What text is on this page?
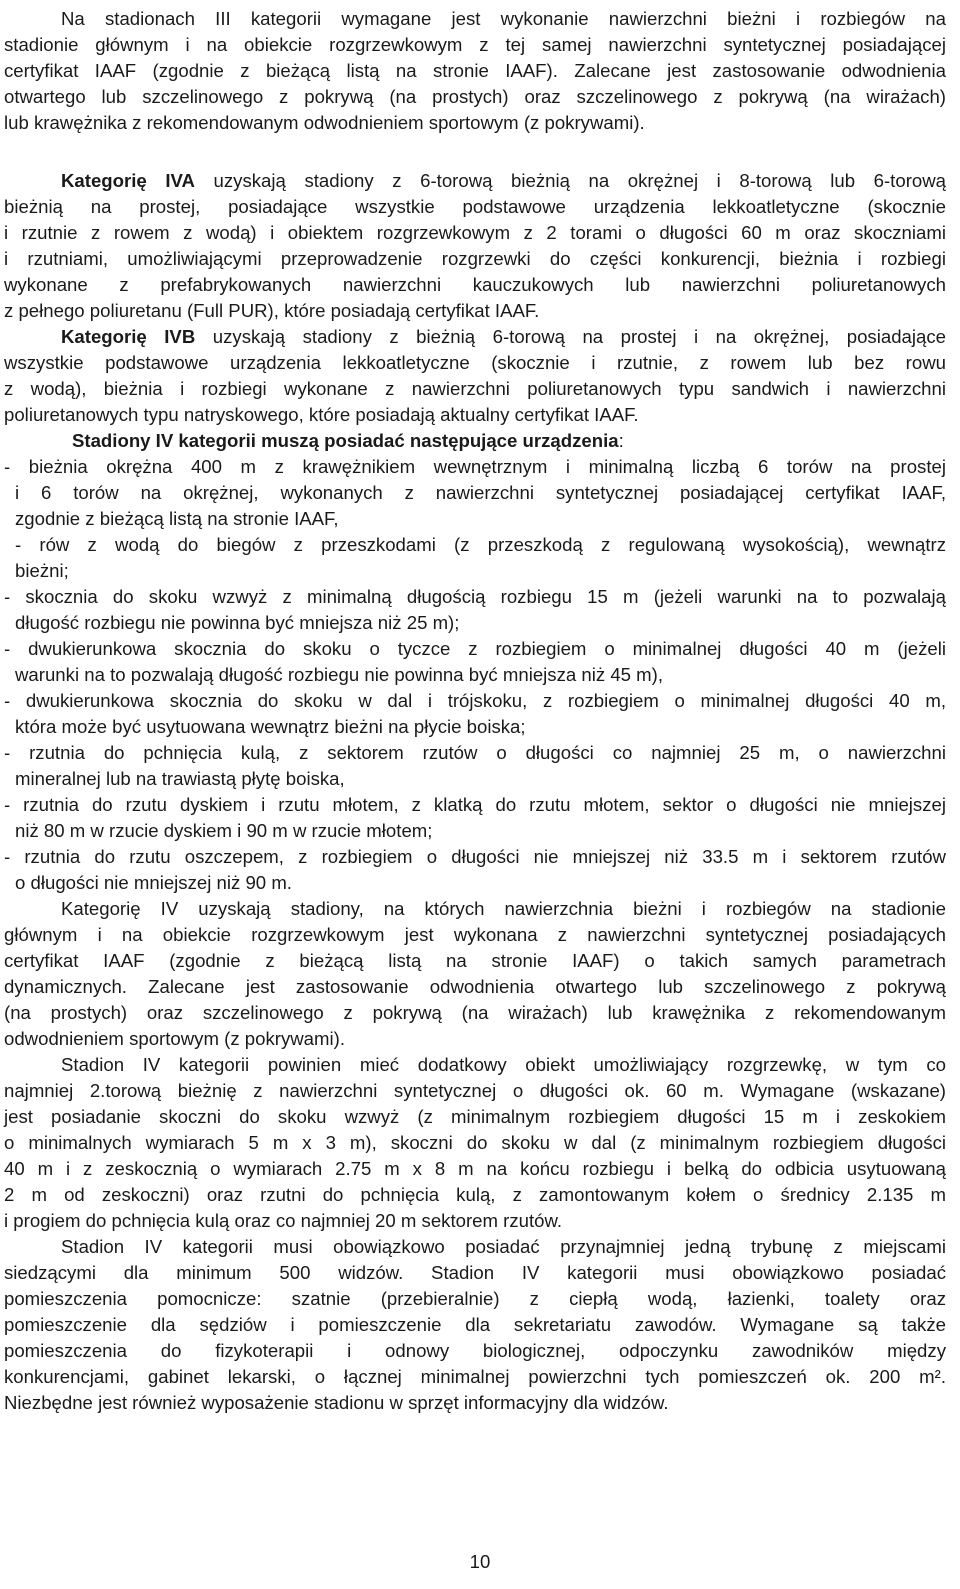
Na stadionach III kategorii wymagane jest wykonanie nawierzchni bieżni i rozbiegów na
stadionie głównym i na obiekcie rozgrzewkowym z tej samej nawierzchni syntetycznej posiadającej
certyfikat IAAF (zgodnie z bieżącą listą na stronie IAAF). Zalecane jest zastosowanie odwodnienia
otwartego lub szczelinowego z pokrywą (na prostych) oraz szczelinowego z pokrywą (na wirażach)
lub krawężnika z rekomendowanym odwodnieniem sportowym (z pokrywami).
Kategorię IVA uzyskają stadiony z 6-torową bieżnią na okrężnej i 8-torową lub 6-torową
bieżnią na prostej, posiadające wszystkie podstawowe urządzenia lekkoatletyczne (skocznie
i rzutnie z rowem z wodą) i obiektem rozgrzewkowym z 2 torami o długości 60 m oraz skoczniami
i rzutniami, umożliwiającymi przeprowadzenie rozgrzewki do części konkurencji, bieżnia i rozbiegi
wykonane z prefabrykowanych nawierzchni kauczukowych lub nawierzchni poliuretanowych
z pełnego poliuretanu (Full PUR), które posiadają certyfikat IAAF.
Kategorię IVB uzyskają stadiony z bieżnią 6-torową na prostej i na okrężnej, posiadające
wszystkie podstawowe urządzenia lekkoatletyczne (skocznie i rzutnie, z rowem lub bez rowu
z wodą), bieżnia i rozbiegi wykonane z nawierzchni poliuretanowych typu sandwich i nawierzchni
poliuretanowych typu natryskowego, które posiadają aktualny certyfikat IAAF.
Stadiony IV kategorii muszą posiadać następujące urządzenia:
- bieżnia okrężna 400 m z krawężnikiem wewnętrznym i minimalną liczbą 6 torów na prostej
i 6 torów na okrężnej, wykonanych z nawierzchni syntetycznej posiadającej certyfikat IAAF,
zgodnie z bieżącą listą na stronie IAAF,
- rów z wodą do biegów z przeszkodami (z przeszkodą z regulowaną wysokością), wewnątrz
bieżni;
- skocznia do skoku wzwyż z minimalną długością rozbiegu 15 m (jeżeli warunki na to pozwalają
długość rozbiegu nie powinna być mniejsza niż 25 m);
- dwukierunkowa skocznia do skoku o tyczce z rozbiegiem o minimalnej długości 40 m (jeżeli
warunki na to pozwalają długość rozbiegu nie powinna być mniejsza niż 45 m),
- dwukierunkowa skocznia do skoku w dal i trójskoku, z rozbiegiem o minimalnej długości 40 m,
która może być usytuowana wewnątrz bieżni na płycie boiska;
- rzutnia do pchnięcia kulą, z sektorem rzutów o długości co najmniej 25 m, o nawierzchni
mineralnej lub na trawiastą płytę boiska,
- rzutnia do rzutu dyskiem i rzutu młotem, z klatką do rzutu młotem, sektor o długości nie mniejszej
niż 80 m w rzucie dyskiem i 90 m w rzucie młotem;
- rzutnia do rzutu oszczepem, z rozbiegiem o długości nie mniejszej niż 33.5 m i sektorem rzutów
o długości nie mniejszej niż 90 m.
Kategorię IV uzyskają stadiony, na których nawierzchnia bieżni i rozbiegów na stadionie
głównym i na obiekcie rozgrzewkowym jest wykonana z nawierzchni syntetycznej posiadających
certyfikat IAAF (zgodnie z bieżącą listą na stronie IAAF) o takich samych parametrach
dynamicznych. Zalecane jest zastosowanie odwodnienia otwartego lub szczelinowego z pokrywą
(na prostych) oraz szczelinowego z pokrywą (na wirażach) lub krawężnika z rekomendowanym
odwodnieniem sportowym (z pokrywami).
Stadion IV kategorii powinien mieć dodatkowy obiekt umożliwiający rozgrzewkę, w tym co
najmniej 2.torową bieżnię z nawierzchni syntetycznej o długości ok. 60 m. Wymagane (wskazane)
jest posiadanie skoczni do skoku wzwyż (z minimalnym rozbiegiem długości 15 m i zeskokiem
o minimalnych wymiarach 5 m x 3 m), skoczni do skoku w dal (z minimalnym rozbiegiem długości
40 m i z zeskocznią o wymiarach 2.75 m x 8 m na końcu rozbiegu i belką do odbicia usytuowaną
2 m od zeskoczni) oraz rzutni do pchnięcia kulą, z zamontowanym kołem o średnicy 2.135 m
i progiem do pchnięcia kulą oraz co najmniej 20 m sektorem rzutów.
Stadion IV kategorii musi obowiązkowo posiadać przynajmniej jedną trybunę z miejscami
siedzącymi dla minimum 500 widzów. Stadion IV kategorii musi obowiązkowo posiadać
pomieszczenia pomocnicze: szatnie (przebieralnie) z ciepłą wodą, łazienki, toalety oraz
pomieszczenie dla sędziów i pomieszczenie dla sekretariatu zawodów. Wymagane są także
pomieszczenia do fizykoterapii i odnowy biologicznej, odpoczynku zawodników między
konkurencjami, gabinet lekarski, o łącznej minimalnej powierzchni tych pomieszczeń ok. 200 m².
Niezbędne jest również wyposażenie stadionu w sprzęt informacyjny dla widzów.
10
